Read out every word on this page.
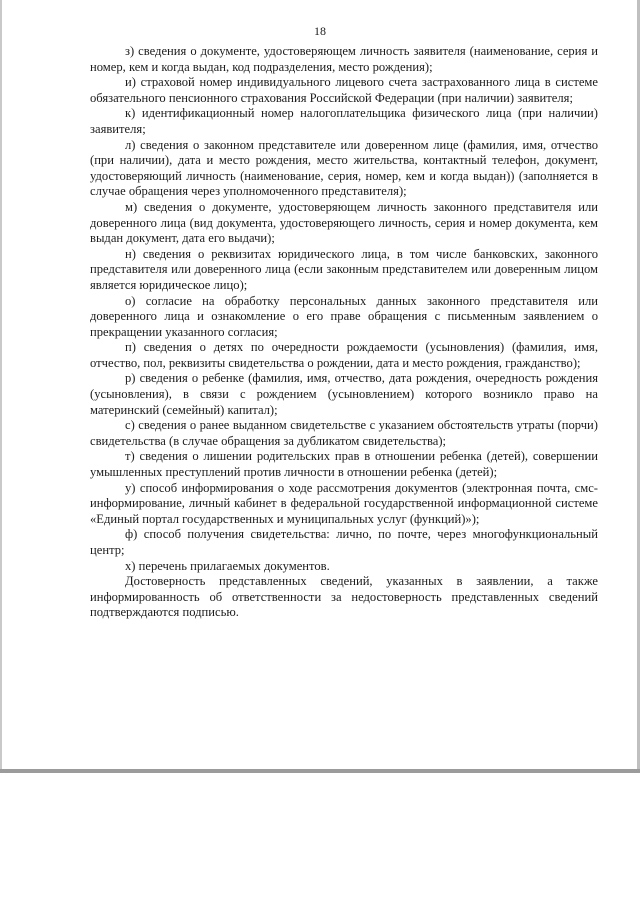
18

з) сведения о документе, удостоверяющем личность заявителя (наименование, серия и номер, кем и когда выдан, код подразделения, место рождения);

и) страховой номер индивидуального лицевого счета застрахованного лица в системе обязательного пенсионного страхования Российской Федерации (при наличии) заявителя;

к) идентификационный номер налогоплательщика физического лица (при наличии) заявителя;

л) сведения о законном представителе или доверенном лице (фамилия, имя, отчество (при наличии), дата и место рождения, место жительства, контактный телефон, документ, удостоверяющий личность (наименование, серия, номер, кем и когда выдан)) (заполняется в случае обращения через уполномоченного представителя);

м) сведения о документе, удостоверяющем личность законного представителя или доверенного лица (вид документа, удостоверяющего личность, серия и номер документа, кем выдан документ, дата его выдачи);

н) сведения о реквизитах юридического лица, в том числе банковских, законного представителя или доверенного лица (если законным представителем или доверенным лицом является юридическое лицо);

о) согласие на обработку персональных данных законного представителя или доверенного лица и ознакомление о его праве обращения с письменным заявлением о прекращении указанного согласия;

п) сведения о детях по очередности рождаемости (усыновления) (фамилия, имя, отчество, пол, реквизиты свидетельства о рождении, дата и место рождения, гражданство);

р) сведения о ребенке (фамилия, имя, отчество, дата рождения, очередность рождения (усыновления), в связи с рождением (усыновлением) которого возникло право на материнский (семейный) капитал);

с) сведения о ранее выданном свидетельстве с указанием обстоятельств утраты (порчи) свидетельства (в случае обращения за дубликатом свидетельства);

т) сведения о лишении родительских прав в отношении ребенка (детей), совершении умышленных преступлений против личности в отношении ребенка (детей);

у) способ информирования о ходе рассмотрения документов (электронная почта, смс-информирование, личный кабинет в федеральной государственной информационной системе «Единый портал государственных и муниципальных услуг (функций)»);

ф) способ получения свидетельства: лично, по почте, через многофункциональный центр;

х) перечень прилагаемых документов.

Достоверность представленных сведений, указанных в заявлении, а также информированность об ответственности за недостоверность представленных сведений подтверждаются подписью.
